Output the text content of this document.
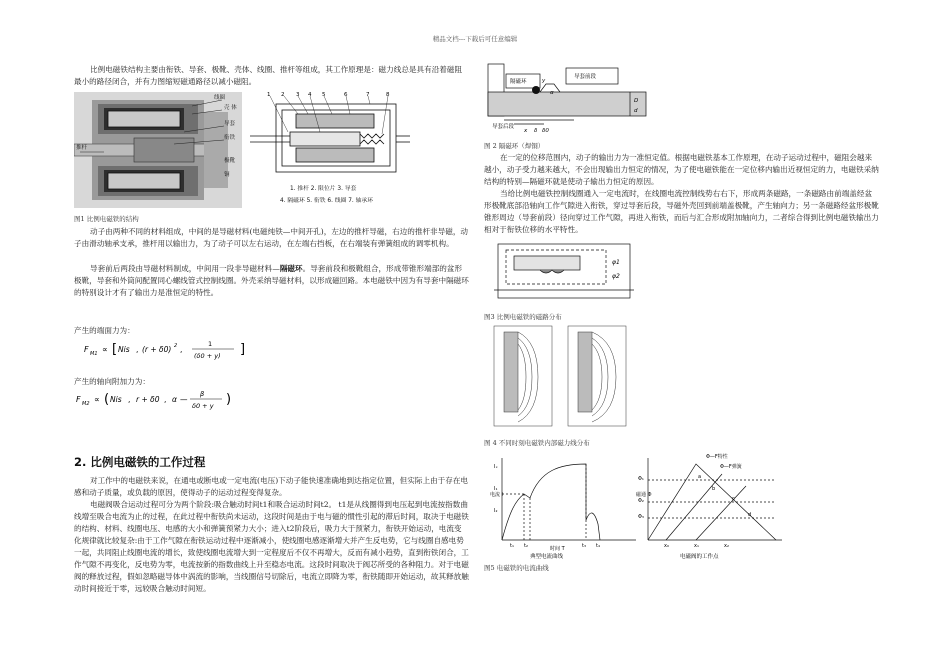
精品文档---下载后可任意编辑

比例电磁铁结构主要由衔铁、导套、极靴、壳体、线圈、推杆等组成，其工作原理是：磁力线总是具有沿着磁阻最小的路径闭合，并有力图缩短磁通路径以减小磁阻。

线圈
壳 体
导套
衔铁
推杆
极靴
铜
1 2 3 4 5	6	7	8
1. 推杆 2. 限位片 3. 导套
4. 隔磁环 5. 衔铁 6. 线圈 7. 轴承环
图1 比例电磁铁的结构

动子由两种不同的材料组成，中间的是导磁材料(电磁纯铁—中间开孔)，左边的推杆导磁，右边的推杆非导磁，动子由滑动轴承支承，推杆用以输出力，为了动子可以左右运动，在左端右挡板，在右端装有弹簧组成的调零机构。

导套前后两段由导磁材料制成，中间用一段非导磁材料—隔磁环。导套前段和极靴组合，形成带锥形端部的盆形极靴，导套和外筒间配置同心螺线管式控制线圈。外壳采纳导磁材料，以形成磁回路。本电磁铁中因为有导套中隔磁环的特别设计才有了输出力是准恒定的特性。

产生的端面力为：
F M1 ∝ [ Nis , (r + δ0) 2 ,
1
(δ0 + y) ]
产生的轴向附加力为：
F M2 ∝ ( Nis , r + δ0 , α —
β
δ0 + y )
2. 比例电磁铁的工作过程

对工作中的电磁铁来说，在通电或断电或一定电流(电压)下动子能快速准确地到达指定位置，但实际上由于存在电感和动子质量，或负载的原因，使得动子的运动过程变得复杂。

电磁阀吸合运动过程可分为两个阶段:吸合触动时间t1和吸合运动时间t2。 t1是从线圈得到电压起到电流按指数曲线增至吸合电流为止的过程，在此过程中衔铁尚未运动，这段时间是由于电与磁的惯性引起的滞后时间，取决于电磁铁的结构、材料、线圈电压、电感的大小和弹簧预紧力大小；进入t2阶段后，吸力大于预紧力，衔铁开始运动，电流变化规律就比较复杂:由于工作气隙在衔铁运动过程中逐渐减小，使线圈电感逐渐增大并产生反电势，它与线圈自感电势一起，共同阻止线圈电流的增长，致使线圈电流增大到一定程度后不仅不再增大，反而有减小趋势，直到衔铁闭合，工作气隙不再变化，反电势为零，电流按新的指数曲线上升至稳态电流。这段时间取决于阀芯所受的各种阻力。对于电磁阀的释放过程，假如忽略磁导体中涡流的影响，当线圈信号切除后，电流立即降为零，衔铁随即开始运动，故其释放触动时间接近于零，远较吸合触动时间短。

隔磁环
导套前段
导套后段
y
α
x δ δ0
D
d
图 2 隔磁环（焊铜）

在一定的位移范围内，动子的输出力为一准恒定值。根据电磁铁基本工作原理，在动子运动过程中，磁阻会越来越小，动子受力越来越大，不会出现输出力恒定的情况，为了使电磁铁能在一定位移内输出近视恒定的力，电磁铁采纳结构的特别—隔磁环就是使动子输出力恒定的原因。

当给比例电磁铁控制线圈通入一定电流时，在线圈电流控制线势右右下，形成两条磁路，一条磁路由前端盖经盆形极靴底部沿轴向工作气隙进入衔铁，穿过导套后段，导磁外壳回到前端盖极靴，产生轴向力；另一条磁路经盆形极靴锥形周边（导套前段）径向穿过工作气隙，再进入衔铁，而后与汇合形成附加轴向力，二者综合得到比例电磁铁输出力相对于衔铁位移的水平特性。

φ1
φ2
图3 比例电磁铁的磁路分布
图 4 不同时刻电磁铁内部磁力线分布
电流 I
Iₓ
I₁
I₂
t₁ t₂	t₃ t₄
时间 T
典型电流曲线
磁通 Φ
Φ—F特性
Φ—F弹簧
Φ₁
Φ₂
Φ₃
a
b
c
d
x₀	x₁	x₂
电磁阀的工作点
图5 电磁铁的电流曲线
